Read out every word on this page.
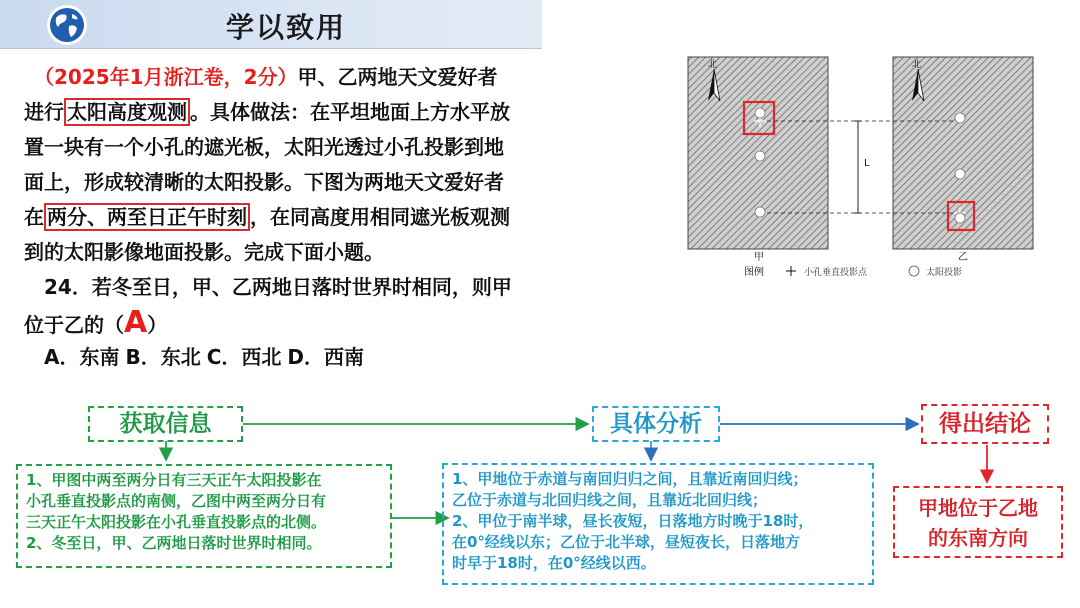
学以致用
　（2025年1月浙江卷，2分）甲、乙两地天文爱好者
进行 太阳高度观测 。具体做法：在平坦地面上方水平放
置一块有一个小孔的遮光板，太阳光透过小孔投影到地
面上，形成较清晰的太阳投影。下图为两地天文爱好者
在 两分、两至日正午时刻 ，在同高度用相同遮光板观测
到的太阳影像地面投影。完成下面小题。
　24．若冬至日，甲、乙两地日落时世界时相同，则甲
位于乙的（A）
　A．东南 B．东北 C．西北 D．西南
北	北
L
甲	乙
图例	小孔垂直投影点	太阳投影
获取信息	具体分析	得出结论
1、甲图中两至两分日有三天正午太阳投影在
小孔垂直投影点的南侧，乙图中两至两分日有
三天正午太阳投影在小孔垂直投影点的北侧。
2、冬至日，甲、乙两地日落时世界时相同。
1、甲地位于赤道与南回归归之间，且靠近南回归线；
乙位于赤道与北回归线之间，且靠近北回归线；
2、甲位于南半球，昼长夜短，日落地方时晚于18时，
在0°经线以东；乙位于北半球，昼短夜长，日落地方
时早于18时，在0°经线以西。
甲地位于乙地
的东南方向
